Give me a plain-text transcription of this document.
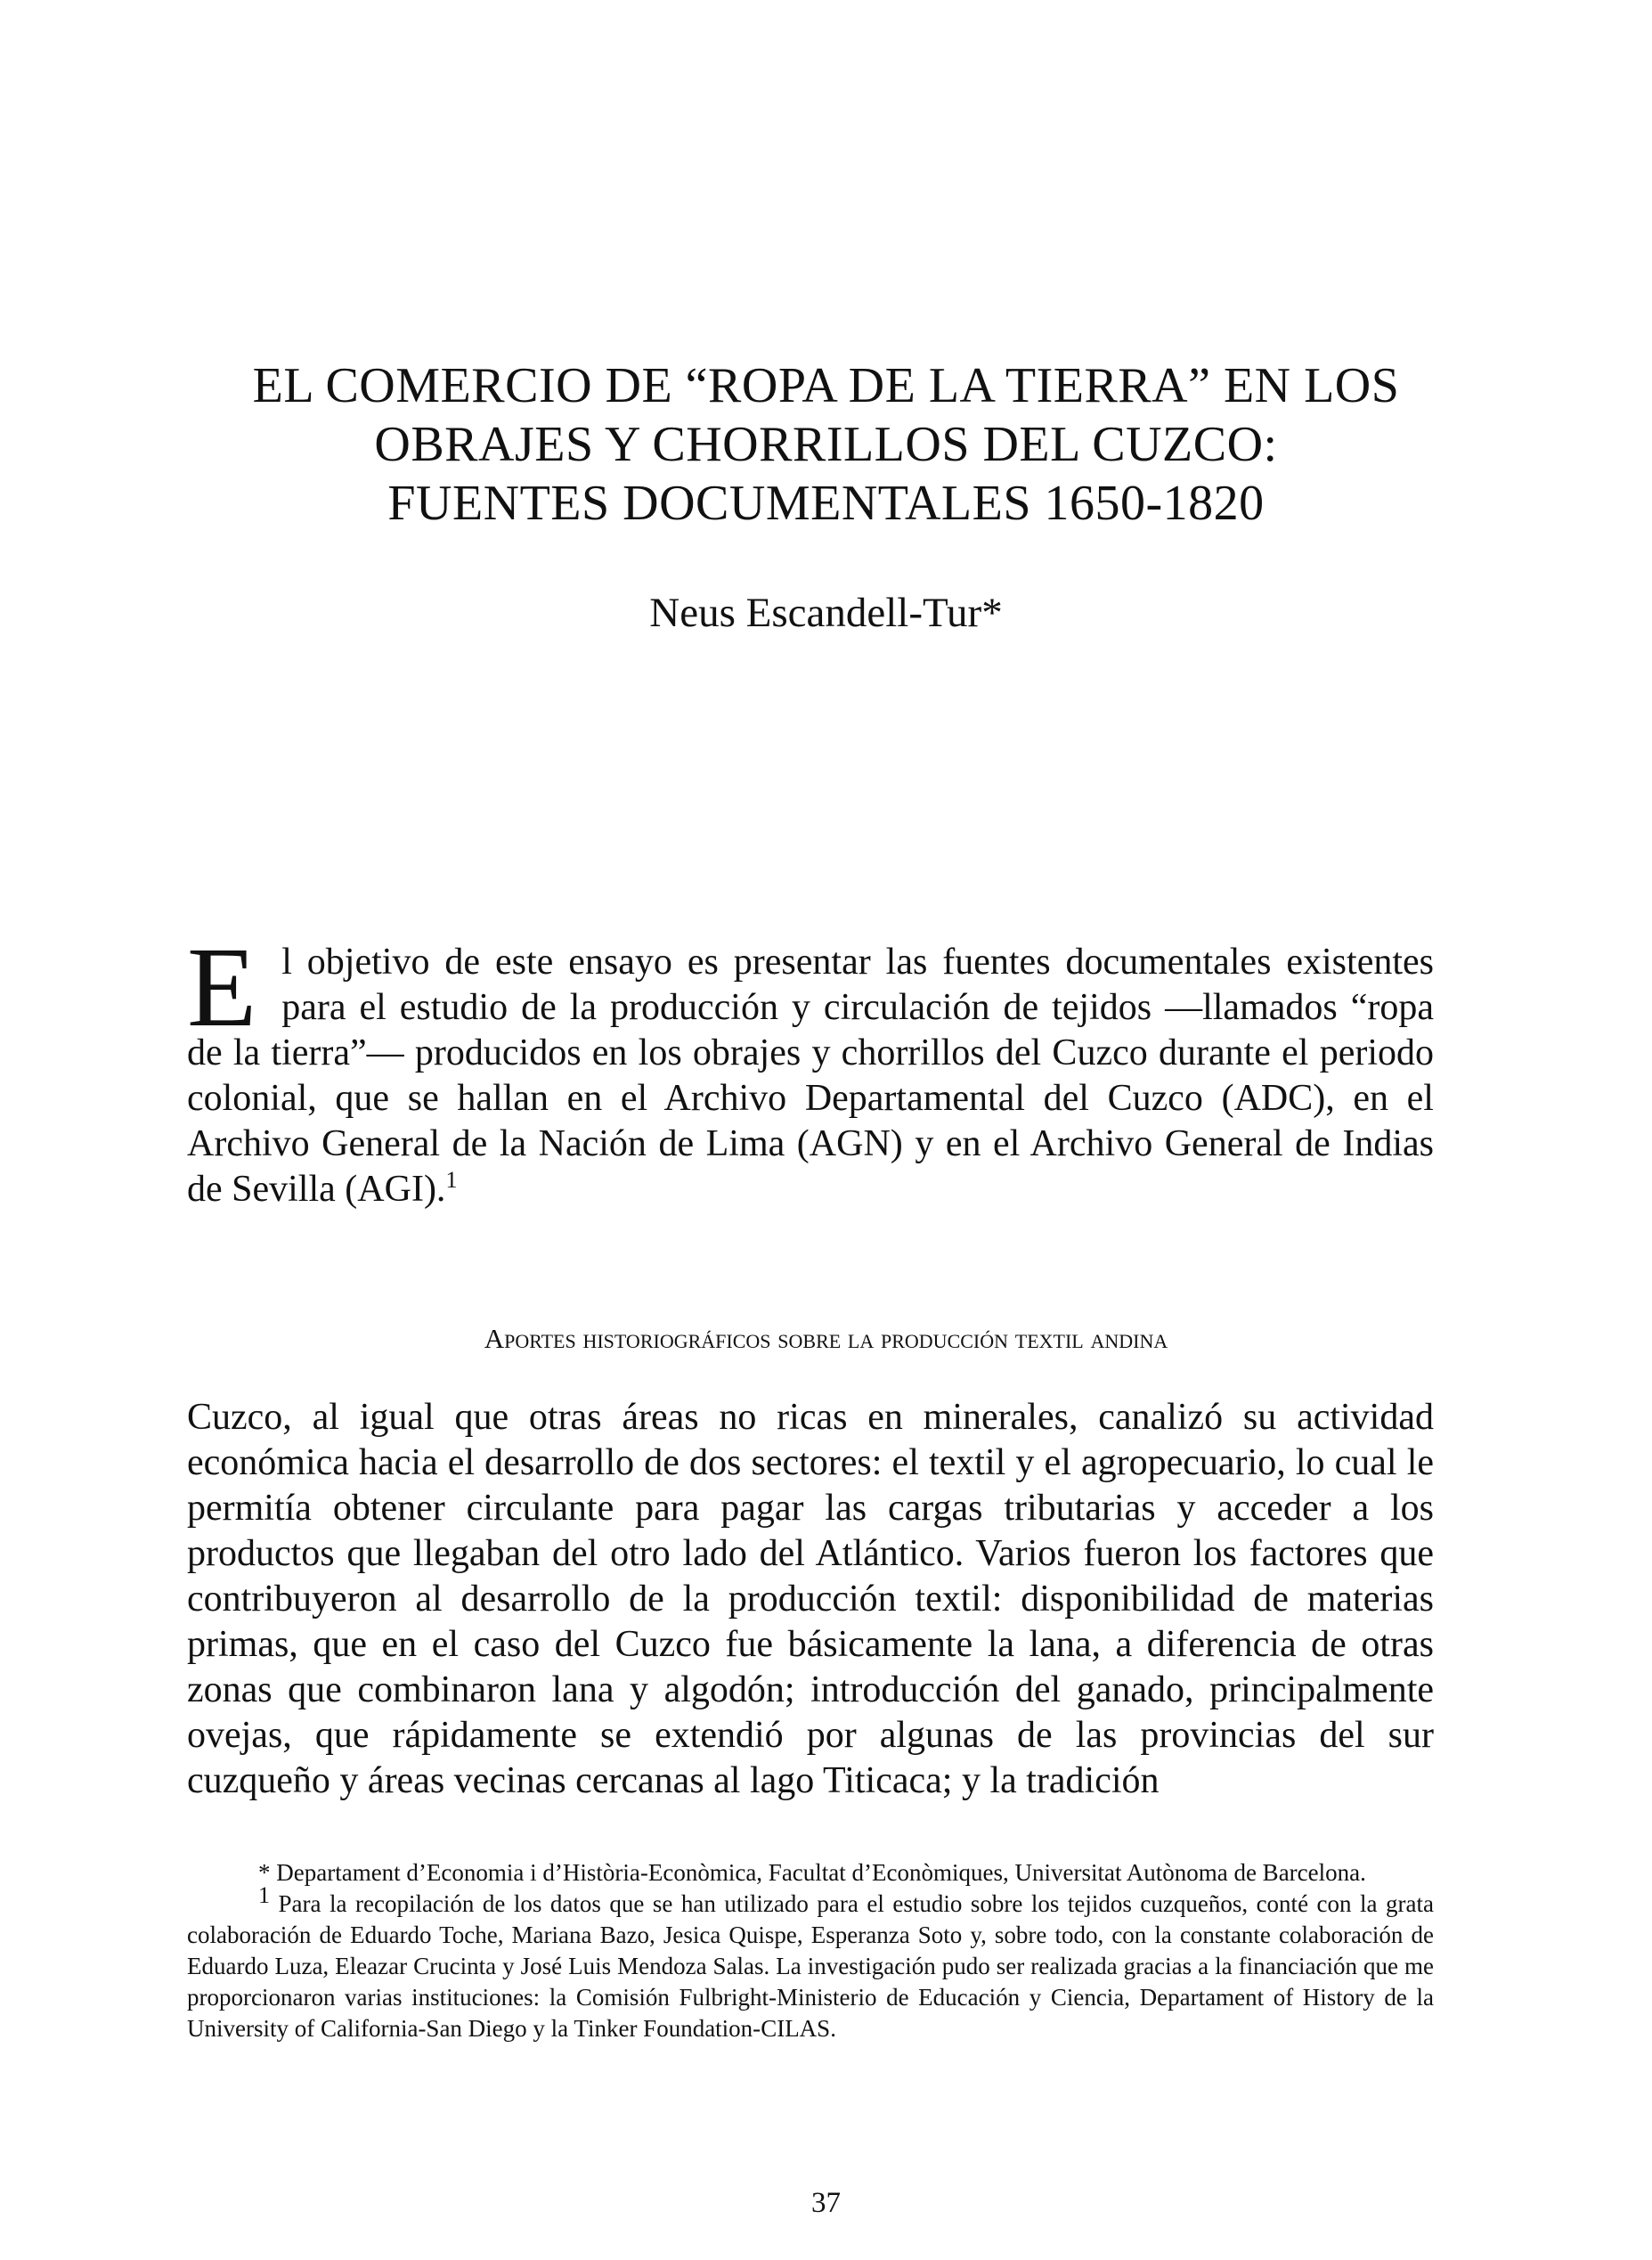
EL COMERCIO DE “ROPA DE LA TIERRA” EN LOS
OBRAJES Y CHORRILLOS DEL CUZCO:
FUENTES DOCUMENTALES 1650-1820
Neus Escandell-Tur*
El objetivo de este ensayo es presentar las fuentes documentales existentes para el estudio de la producción y circulación de tejidos —llamados “ropa de la tierra”— producidos en los obrajes y chorrillos del Cuzco durante el periodo colonial, que se hallan en el Archivo Departamental del Cuzco (ADC), en el Archivo General de la Nación de Lima (AGN) y en el Archivo General de Indias de Sevilla (AGI).$^1$
Aportes historiográficos sobre la producción textil andina
Cuzco, al igual que otras áreas no ricas en minerales, canalizó su actividad económica hacia el desarrollo de dos sectores: el textil y el agropecuario, lo cual le permitía obtener circulante para pagar las cargas tributarias y acceder a los productos que llegaban del otro lado del Atlántico. Varios fueron los factores que contribuyeron al desarrollo de la producción textil: disponibilidad de materias primas, que en el caso del Cuzco fue básicamente la lana, a diferencia de otras zonas que combinaron lana y algodón; introducción del ganado, principalmente ovejas, que rápidamente se extendió por algunas de las provincias del sur cuzqueño y áreas vecinas cercanas al lago Titicaca; y la tradición

* Departament d’Economia i d’Història-Econòmica, Facultat d’Econòmiques, Universitat Autònoma de Barcelona.

$^1$ Para la recopilación de los datos que se han utilizado para el estudio sobre los tejidos cuzqueños, conté con la grata colaboración de Eduardo Toche, Mariana Bazo, Jesica Quispe, Esperanza Soto y, sobre todo, con la constante colaboración de Eduardo Luza, Eleazar Crucinta y José Luis Mendoza Salas. La investigación pudo ser realizada gracias a la financiación que me proporcionaron varias instituciones: la Comisión Fulbright-Ministerio de Educación y Ciencia, Departament of History de la University of California-San Diego y la Tinker Foundation-CILAS.

37
